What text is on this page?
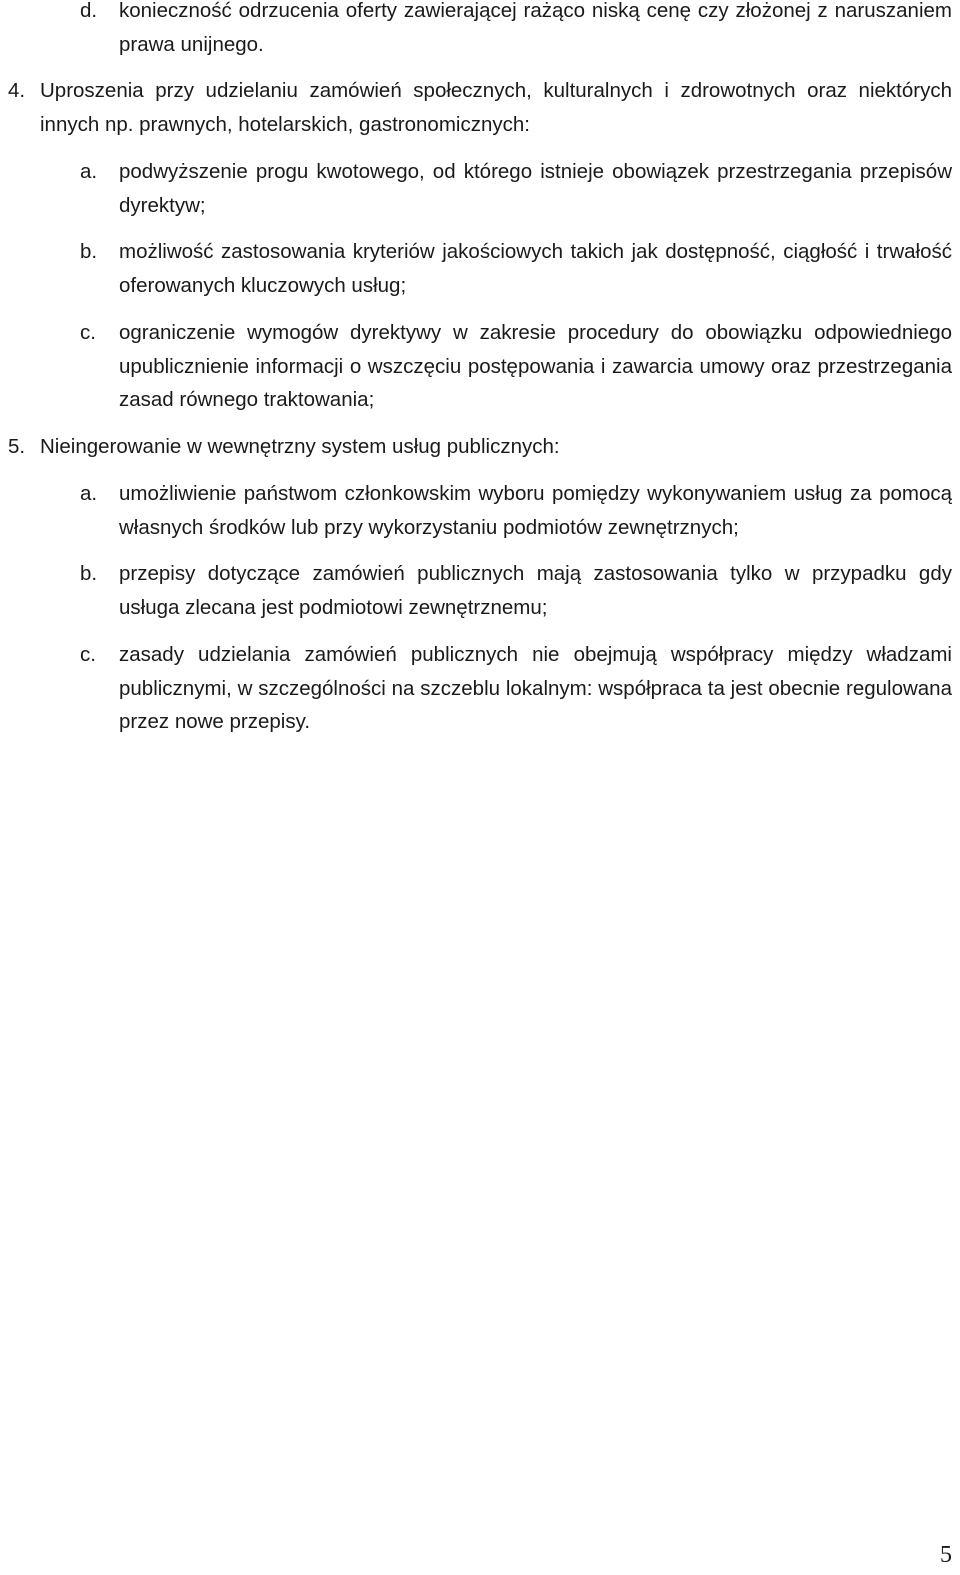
d. konieczność odrzucenia oferty zawierającej rażąco niską cenę czy złożonej z naruszaniem prawa unijnego.
4. Uproszenia przy udzielaniu zamówień społecznych, kulturalnych i zdrowotnych oraz niektórych innych np. prawnych, hotelarskich, gastronomicznych:
a. podwyższenie progu kwotowego, od którego istnieje obowiązek przestrzegania przepisów dyrektyw;
b. możliwość zastosowania kryteriów jakościowych takich jak dostępność, ciągłość i trwałość oferowanych kluczowych usług;
c. ograniczenie wymogów dyrektywy w zakresie procedury do obowiązku odpowiedniego upublicznienie informacji o wszczęciu postępowania i zawarcia umowy oraz przestrzegania zasad równego traktowania;
5. Nieingerowanie w wewnętrzny system usług publicznych:
a. umożliwienie państwom członkowskim wyboru pomiędzy wykonywaniem usług za pomocą własnych środków lub przy wykorzystaniu podmiotów zewnętrznych;
b. przepisy dotyczące zamówień publicznych mają zastosowania tylko w przypadku gdy usługa zlecana jest podmiotowi zewnętrznemu;
c. zasady udzielania zamówień publicznych nie obejmują współpracy między władzami publicznymi, w szczególności na szczeblu lokalnym: współpraca ta jest obecnie regulowana przez nowe przepisy.
5
